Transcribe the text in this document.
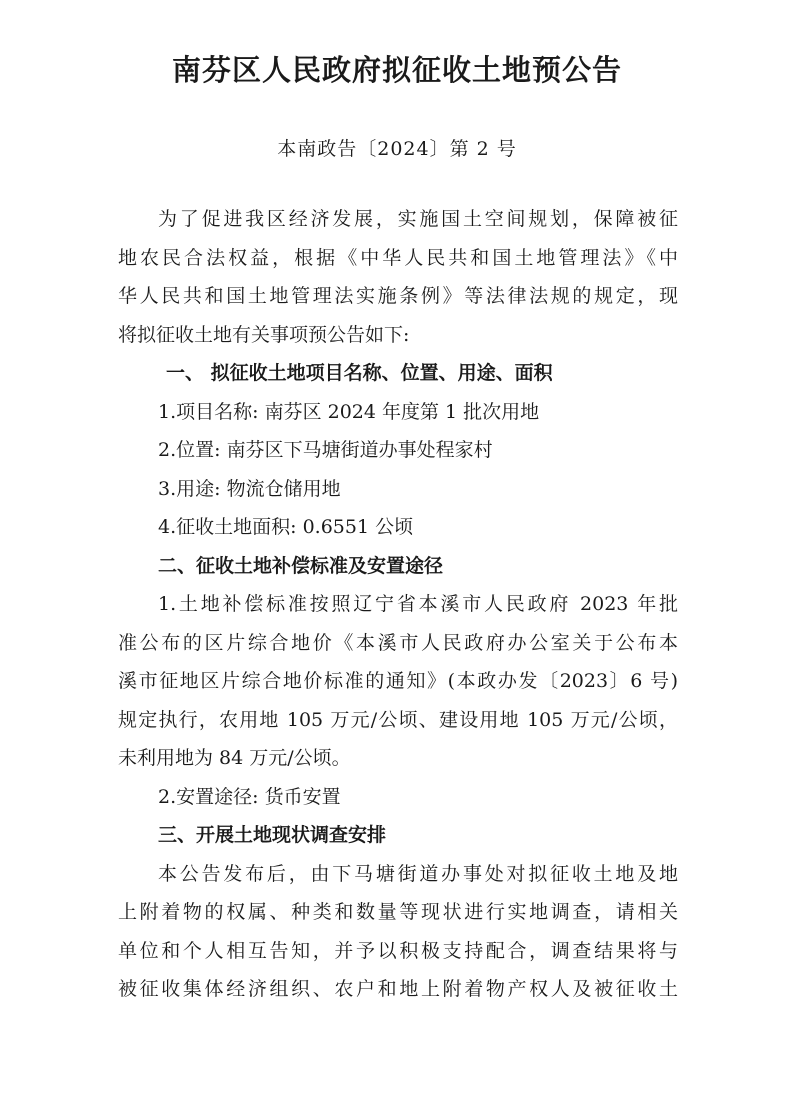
南芬区人民政府拟征收土地预公告
本南政告〔2024〕第 2 号
为了促进我区经济发展，实施国土空间规划，保障被征
地农民合法权益，根据《中华人民共和国土地管理法》《中
华人民共和国土地管理法实施条例》等法律法规的规定，现
将拟征收土地有关事项预公告如下:
一、 拟征收土地项目名称、位置、用途、面积
1.项目名称: 南芬区 2024 年度第 1 批次用地
2.位置: 南芬区下马塘街道办事处程家村
3.用途: 物流仓储用地
4.征收土地面积: 0.6551 公顷
二、征收土地补偿标准及安置途径
1.土地补偿标准按照辽宁省本溪市人民政府 2023 年批
准公布的区片综合地价《本溪市人民政府办公室关于公布本
溪市征地区片综合地价标准的通知》(本政办发〔2023〕6 号)
规定执行，农用地 105 万元/公顷、建设用地 105 万元/公顷，
未利用地为 84 万元/公顷。
2.安置途径: 货币安置
三、开展土地现状调查安排
本公告发布后，由下马塘街道办事处对拟征收土地及地
上附着物的权属、种类和数量等现状进行实地调查，请相关
单位和个人相互告知，并予以积极支持配合，调查结果将与
被征收集体经济组织、农户和地上附着物产权人及被征收土
